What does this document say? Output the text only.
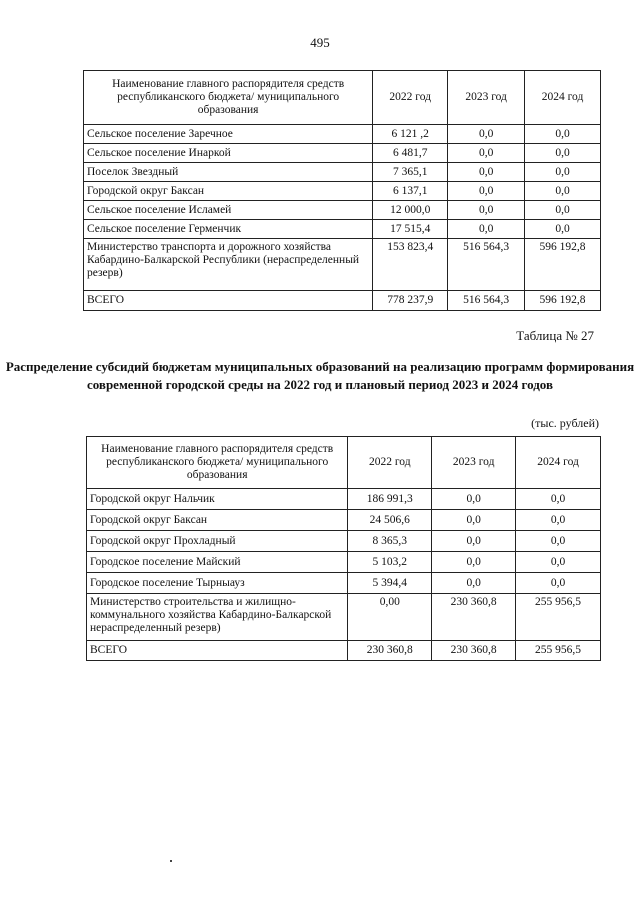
495
Наименование главного распорядителя средств республиканского бюджета/ муниципального образования	2022 год	2023 год	2024 год
Сельское поселение Заречное	6 121 ,2	0,0	0,0
Сельское поселение Инаркой	6 481,7	0,0	0,0
Поселок Звездный	7 365,1	0,0	0,0
Городской округ Баксан	6 137,1	0,0	0,0
Сельское поселение Исламей	12 000,0	0,0	0,0
Сельское поселение Герменчик	17 515,4	0,0	0,0
Министерство транспорта и дорожного хозяйства Кабардино-Балкарской Республики (нераспределенный резерв)	153 823,4	516 564,3	596 192,8
ВСЕГО	778 237,9	516 564,3	596 192,8
Таблица № 27
Распределение субсидий бюджетам муниципальных образований на реализацию программ формирования современной городской среды на 2022 год и плановый период 2023 и 2024 годов
(тыс. рублей)
Наименование главного распорядителя средств республиканского бюджета/ муниципального образования	2022 год	2023 год	2024 год
Городской округ Нальчик	186 991,3	0,0	0,0
Городской округ Баксан	24 506,6	0,0	0,0
Городской округ Прохладный	8 365,3	0,0	0,0
Городское поселение Майский	5 103,2	0,0	0,0
Городское поселение Тырныауз	5 394,4	0,0	0,0
Министерство строительства и жилищно-коммунального хозяйства Кабардино-Балкарской нераспределенный резерв)	0,00	230 360,8	255 956,5
ВСЕГО	230 360,8	230 360,8	255 956,5
